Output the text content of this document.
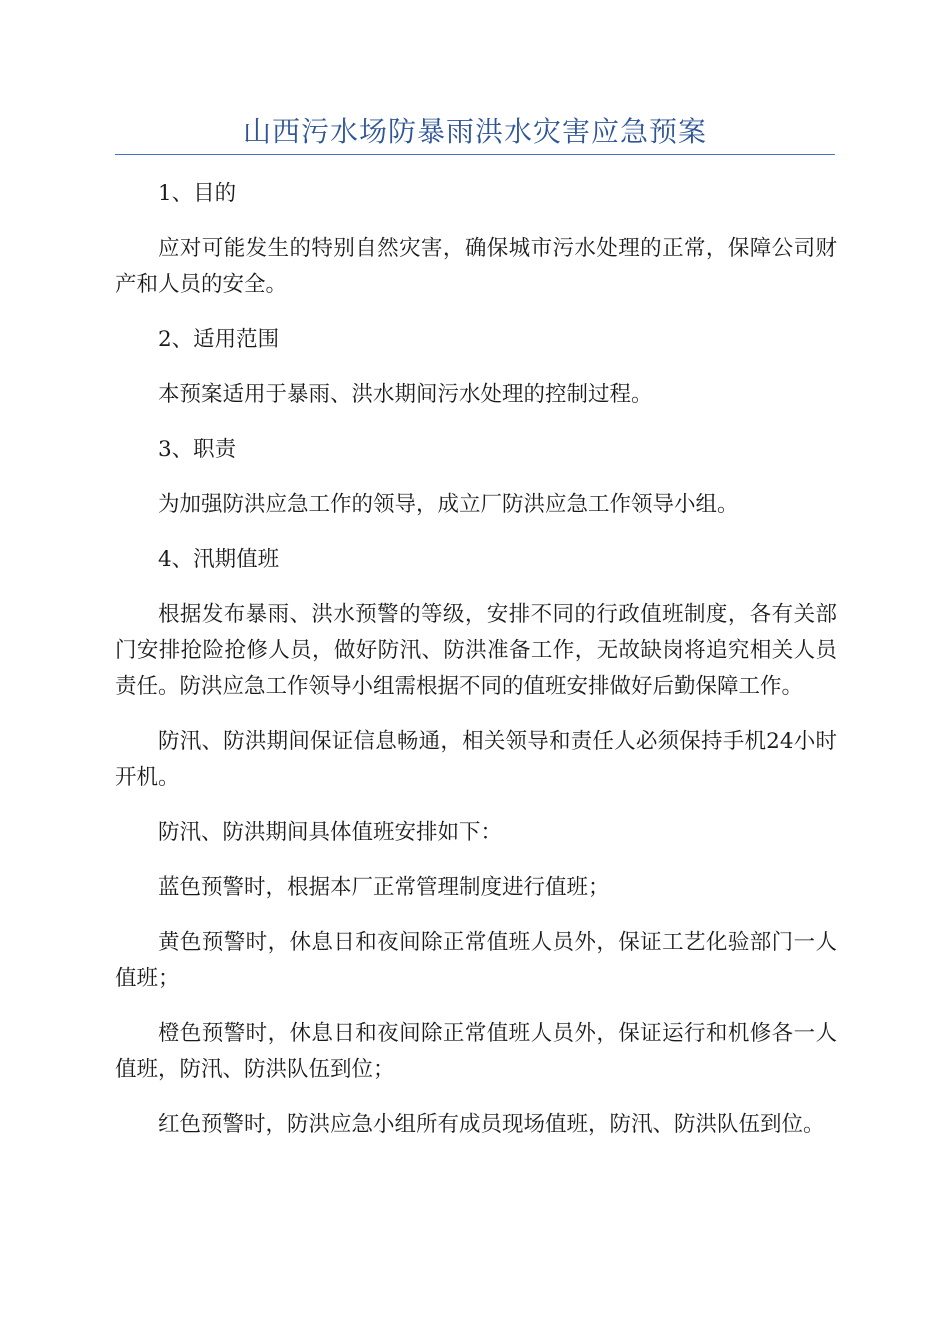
山西污水场防暴雨洪水灾害应急预案

1、目的

应对可能发生的特别自然灾害，确保城市污水处理的正常，保障公司财产和人员的安全。

2、适用范围

本预案适用于暴雨、洪水期间污水处理的控制过程。

3、职责

为加强防洪应急工作的领导，成立厂防洪应急工作领导小组。

4、汛期值班

根据发布暴雨、洪水预警的等级，安排不同的行政值班制度，各有关部门安排抢险抢修人员，做好防汛、防洪准备工作，无故缺岗将追究相关人员责任。防洪应急工作领导小组需根据不同的值班安排做好后勤保障工作。

防汛、防洪期间保证信息畅通，相关领导和责任人必须保持手机24小时开机。

防汛、防洪期间具体值班安排如下：

蓝色预警时，根据本厂正常管理制度进行值班；

黄色预警时，休息日和夜间除正常值班人员外，保证工艺化验部门一人值班；

橙色预警时，休息日和夜间除正常值班人员外，保证运行和机修各一人值班，防汛、防洪队伍到位；

红色预警时，防洪应急小组所有成员现场值班，防汛、防洪队伍到位。
